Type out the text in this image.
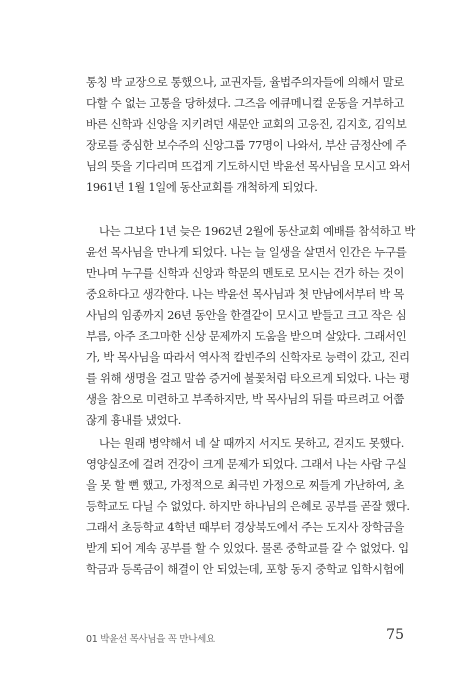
통칭 박 교장으로 통했으나, 교권자들, 율법주의자들에 의해서 말로
다할 수 없는 고통을 당하셨다. 그즈음 에큐메니컬 운동을 거부하고
바른 신학과 신앙을 지키려던 새문안 교회의 고응진, 김지호, 김익보
장로를 중심한 보수주의 신앙그룹 77명이 나와서, 부산 금정산에 주
님의 뜻을 기다리며 뜨겁게 기도하시던 박윤선 목사님을 모시고 와서
1961년 1월 1일에 동산교회를 개척하게 되었다.
나는 그보다 1년 늦은 1962년 2월에 동산교회 예배를 참석하고 박
윤선 목사님을 만나게 되었다. 나는 늘 일생을 살면서 인간은 누구를
만나며 누구를 신학과 신앙과 학문의 멘토로 모시는 건가 하는 것이
중요하다고 생각한다. 나는 박윤선 목사님과 첫 만남에서부터 박 목
사님의 임종까지 26년 동안을 한결같이 모시고 받들고 크고 작은 심
부름, 아주 조그마한 신상 문제까지 도움을 받으며 살았다. 그래서인
가, 박 목사님을 따라서 역사적 칼빈주의 신학자로 능력이 갔고, 진리
를 위해 생명을 걸고 말씀 증거에 불꽃처럼 타오르게 되었다. 나는 평
생을 참으로 미련하고 부족하지만, 박 목사님의 뒤를 따르려고 어쭙
잖게 흉내를 냈었다.
나는 원래 병약해서 네 살 때까지 서지도 못하고, 걷지도 못했다.
영양실조에 걸려 건강이 크게 문제가 되었다. 그래서 나는 사람 구실
을 못 할 뻔 했고, 가정적으로 최극빈 가정으로 찌들게 가난하여, 초
등학교도 다닐 수 없었다. 하지만 하나님의 은혜로 공부를 곧잘 했다.
그래서 초등학교 4학년 때부터 경상북도에서 주는 도지사 장학금을
받게 되어 계속 공부를 할 수 있었다. 물론 중학교를 갈 수 없었다. 입
학금과 등록금이 해결이 안 되었는데, 포항 동지 중학교 입학시험에
01 박윤선 목사님을 꼭 만나세요	75
